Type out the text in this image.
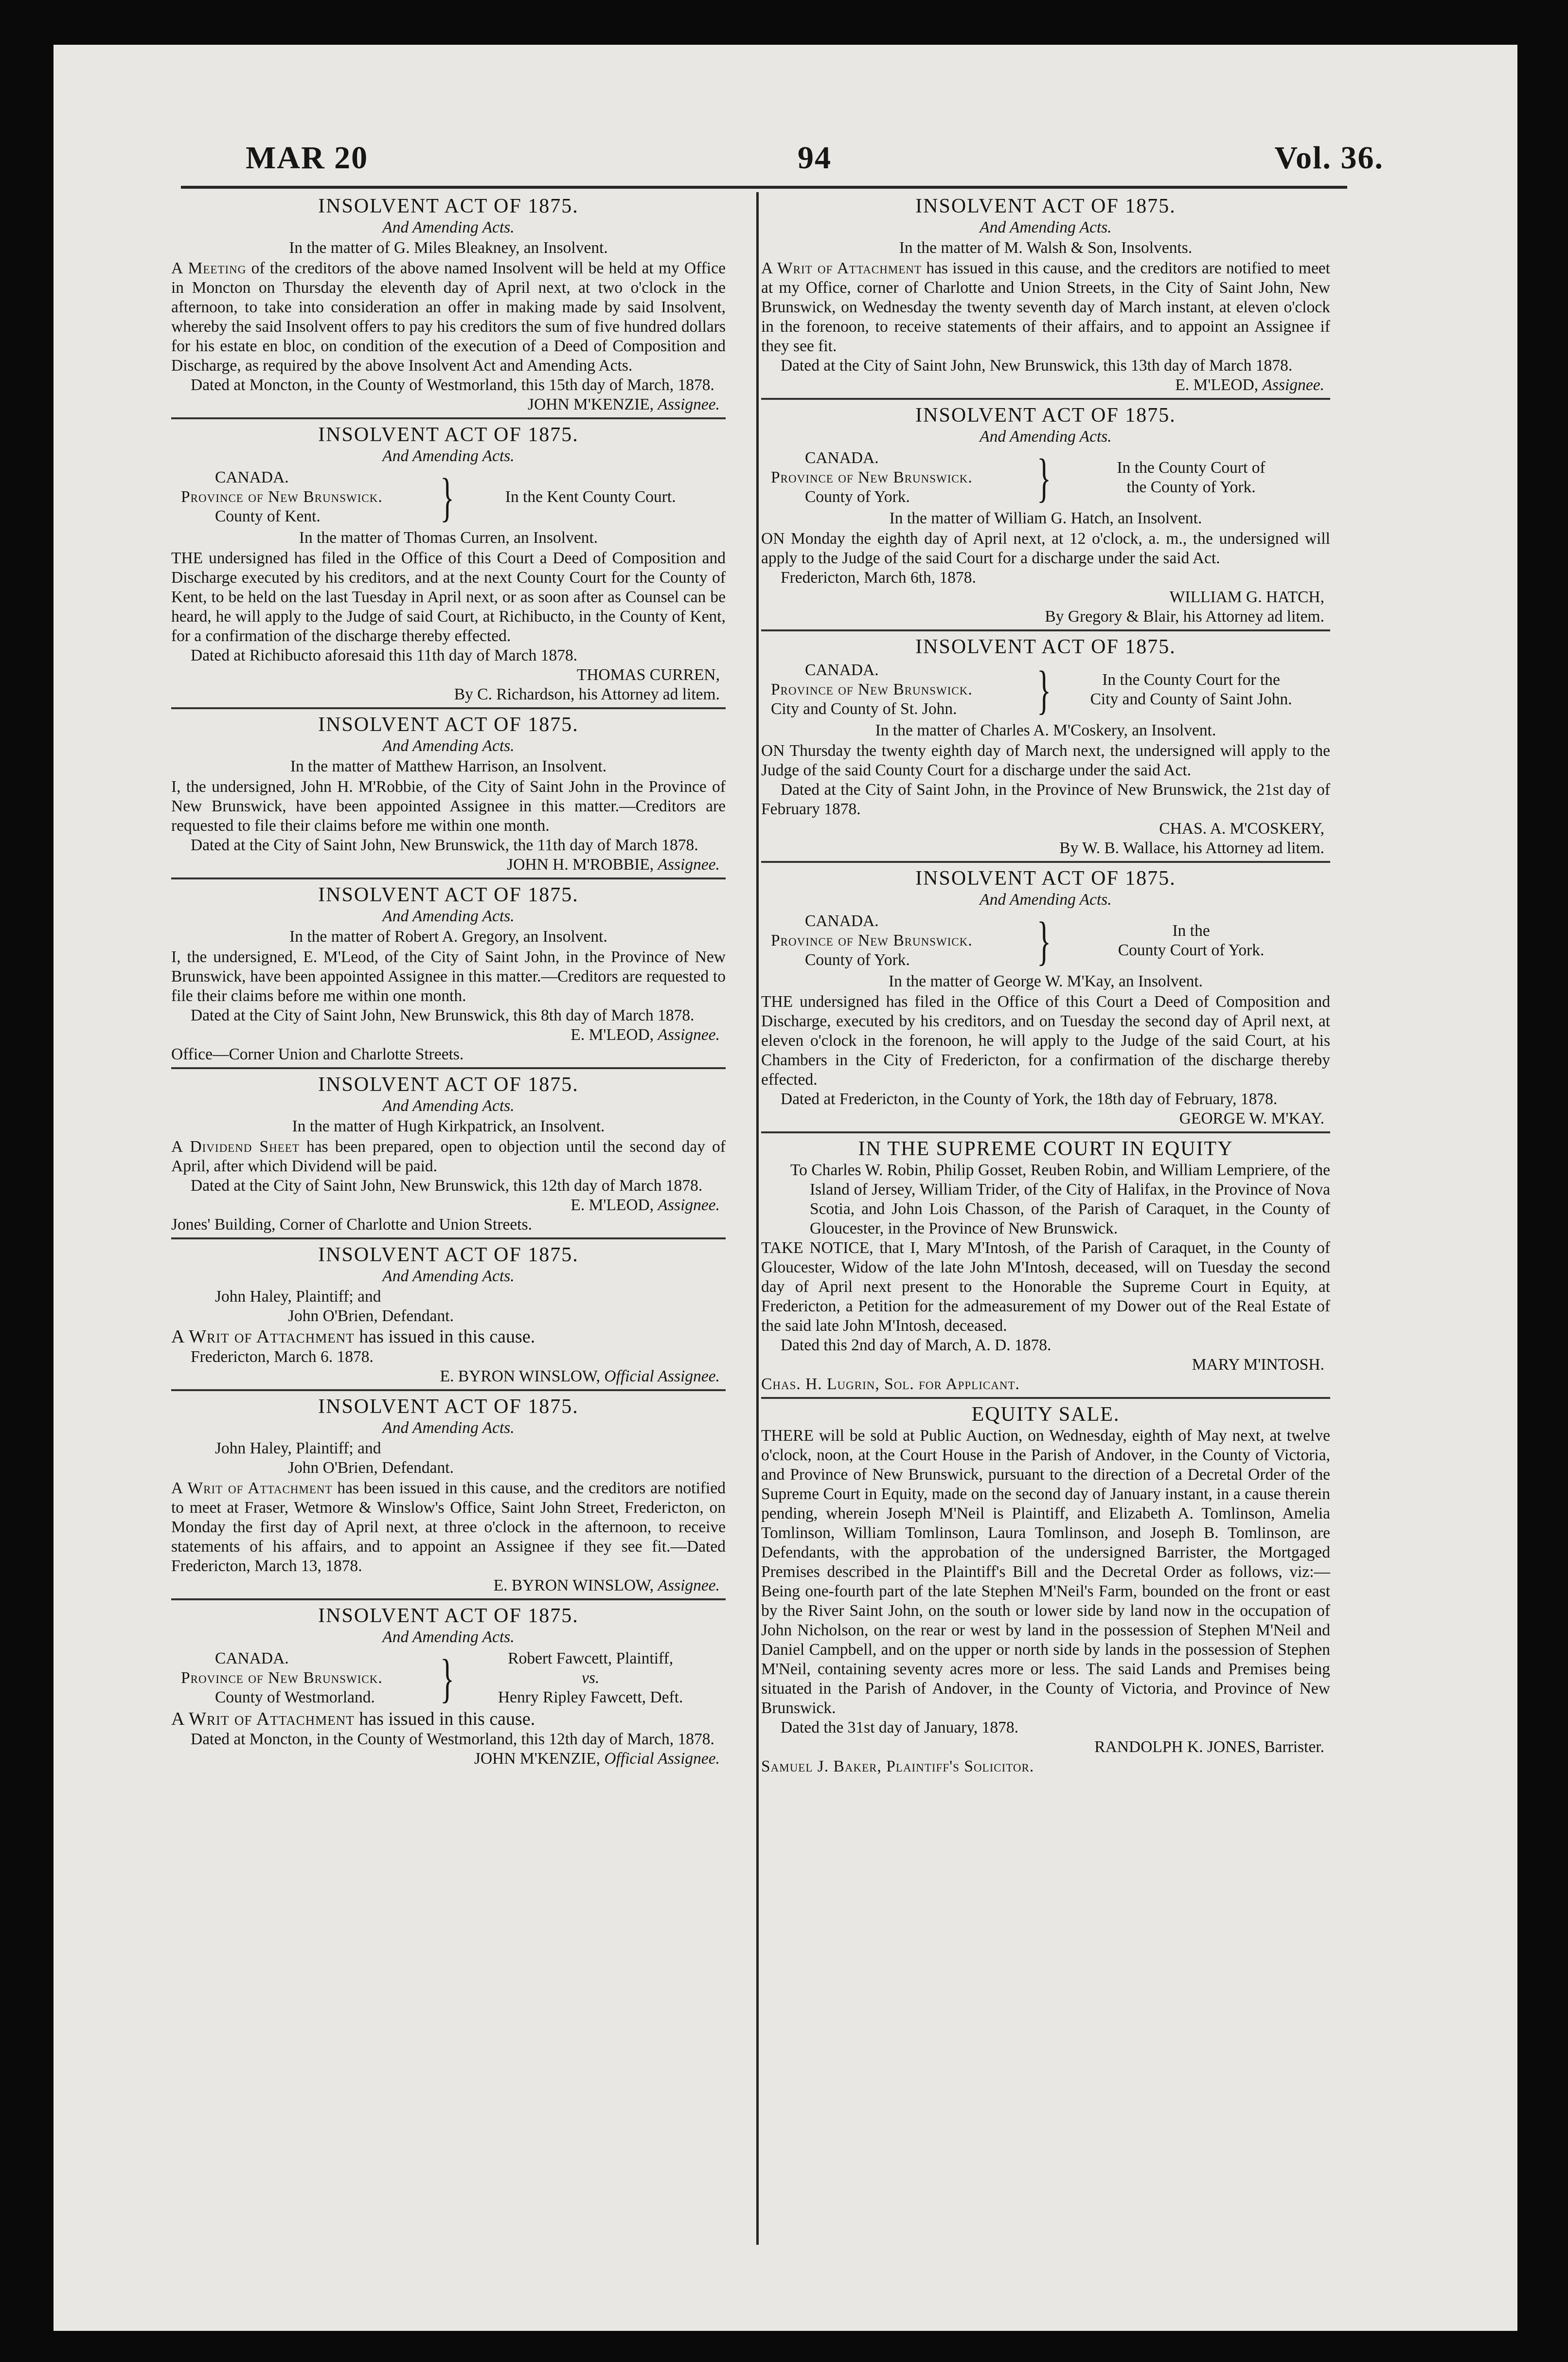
MAR 20	94	Vol. 36.

INSOLVENT ACT OF 1875.

And Amending Acts.

In the matter of G. Miles Bleakney, an Insolvent.

A Meeting of the creditors of the above named Insolvent will be held at my Office in Moncton on Thursday the eleventh day of April next, at two o'clock in the afternoon, to take into consideration an offer in making made by said Insolvent, whereby the said Insolvent offers to pay his creditors the sum of five hundred dollars for his estate en bloc, on condition of the execution of a Deed of Composition and Discharge, as required by the above Insolvent Act and Amending Acts.

Dated at Moncton, in the County of Westmorland, this 15th day of March, 1878.

JOHN M'KENZIE, Assignee.

INSOLVENT ACT OF 1875.

And Amending Acts.

CANADA.
Province of New Brunswick.
County of Kent.	}	In the Kent County Court.

In the matter of Thomas Curren, an Insolvent.

THE undersigned has filed in the Office of this Court a Deed of Composition and Discharge executed by his creditors, and at the next County Court for the County of Kent, to be held on the last Tuesday in April next, or as soon after as Counsel can be heard, he will apply to the Judge of said Court, at Richibucto, in the County of Kent, for a confirmation of the discharge thereby effected.

Dated at Richibucto aforesaid this 11th day of March 1878.

THOMAS CURREN,

By C. Richardson, his Attorney ad litem.

INSOLVENT ACT OF 1875.

And Amending Acts.

In the matter of Matthew Harrison, an Insolvent.

I, the undersigned, John H. M'Robbie, of the City of Saint John in the Province of New Brunswick, have been appointed Assignee in this matter.—Creditors are requested to file their claims before me within one month.

Dated at the City of Saint John, New Brunswick, the 11th day of March 1878.

JOHN H. M'ROBBIE, Assignee.

INSOLVENT ACT OF 1875.

And Amending Acts.

In the matter of Robert A. Gregory, an Insolvent.

I, the undersigned, E. M'Leod, of the City of Saint John, in the Province of New Brunswick, have been appointed Assignee in this matter.—Creditors are requested to file their claims before me within one month.

Dated at the City of Saint John, New Brunswick, this 8th day of March 1878.

E. M'LEOD, Assignee.

Office—Corner Union and Charlotte Streets.

INSOLVENT ACT OF 1875.

And Amending Acts.

In the matter of Hugh Kirkpatrick, an Insolvent.

A Dividend Sheet has been prepared, open to objection until the second day of April, after which Dividend will be paid.

Dated at the City of Saint John, New Brunswick, this 12th day of March 1878.

E. M'LEOD, Assignee.

Jones' Building, Corner of Charlotte and Union Streets.

INSOLVENT ACT OF 1875.

And Amending Acts.

John Haley, Plaintiff; and
John O'Brien, Defendant.

A Writ of Attachment has issued in this cause.

Fredericton, March 6. 1878.

E. BYRON WINSLOW, Official Assignee.

INSOLVENT ACT OF 1875.

And Amending Acts.

John Haley, Plaintiff; and
John O'Brien, Defendant.

A Writ of Attachment has been issued in this cause, and the creditors are notified to meet at Fraser, Wetmore & Winslow's Office, Saint John Street, Fredericton, on Monday the first day of April next, at three o'clock in the afternoon, to receive statements of his affairs, and to appoint an Assignee if they see fit.—Dated Fredericton, March 13, 1878.

E. BYRON WINSLOW, Assignee.

INSOLVENT ACT OF 1875.

And Amending Acts.

CANADA.
Province of New Brunswick.
County of Westmorland.	}	Robert Fawcett, Plaintiff,
vs.
Henry Ripley Fawcett, Deft.

A Writ of Attachment has issued in this cause.

Dated at Moncton, in the County of Westmorland, this 12th day of March, 1878.

JOHN M'KENZIE, Official Assignee.

INSOLVENT ACT OF 1875.

And Amending Acts.

In the matter of M. Walsh & Son, Insolvents.

A Writ of Attachment has issued in this cause, and the creditors are notified to meet at my Office, corner of Charlotte and Union Streets, in the City of Saint John, New Brunswick, on Wednesday the twenty seventh day of March instant, at eleven o'clock in the forenoon, to receive statements of their affairs, and to appoint an Assignee if they see fit.

Dated at the City of Saint John, New Brunswick, this 13th day of March 1878.

E. M'LEOD, Assignee.

INSOLVENT ACT OF 1875.

And Amending Acts.

CANADA.
Province of New Brunswick.
County of York.	}	In the County Court of
the County of York.

In the matter of William G. Hatch, an Insolvent.

ON Monday the eighth day of April next, at 12 o'clock, a. m., the undersigned will apply to the Judge of the said Court for a discharge under the said Act.

Fredericton, March 6th, 1878.

WILLIAM G. HATCH,

By Gregory & Blair, his Attorney ad litem.

INSOLVENT ACT OF 1875.

CANADA.
Province of New Brunswick.
City and County of St. John.	}	In the County Court for the
City and County of Saint John.

In the matter of Charles A. M'Coskery, an Insolvent.

ON Thursday the twenty eighth day of March next, the undersigned will apply to the Judge of the said County Court for a discharge under the said Act.

Dated at the City of Saint John, in the Province of New Brunswick, the 21st day of February 1878.

CHAS. A. M'COSKERY,

By W. B. Wallace, his Attorney ad litem.

INSOLVENT ACT OF 1875.

And Amending Acts.

CANADA.
Province of New Brunswick.
County of York.	}	In the
County Court of York.

In the matter of George W. M'Kay, an Insolvent.

THE undersigned has filed in the Office of this Court a Deed of Composition and Discharge, executed by his creditors, and on Tuesday the second day of April next, at eleven o'clock in the forenoon, he will apply to the Judge of the said Court, at his Chambers in the City of Fredericton, for a confirmation of the discharge thereby effected.

Dated at Fredericton, in the County of York, the 18th day of February, 1878.

GEORGE W. M'KAY.

IN THE SUPREME COURT IN EQUITY

To Charles W. Robin, Philip Gosset, Reuben Robin, and William Lempriere, of the Island of Jersey, William Trider, of the City of Halifax, in the Province of Nova Scotia, and John Lois Chasson, of the Parish of Caraquet, in the County of Gloucester, in the Province of New Brunswick.

TAKE NOTICE, that I, Mary M'Intosh, of the Parish of Caraquet, in the County of Gloucester, Widow of the late John M'Intosh, deceased, will on Tuesday the second day of April next present to the Honorable the Supreme Court in Equity, at Fredericton, a Petition for the admeasurement of my Dower out of the Real Estate of the said late John M'Intosh, deceased.

Dated this 2nd day of March, A. D. 1878.

MARY M'INTOSH.

Chas. H. Lugrin, Sol. for Applicant.

EQUITY SALE.

THERE will be sold at Public Auction, on Wednesday, eighth of May next, at twelve o'clock, noon, at the Court House in the Parish of Andover, in the County of Victoria, and Province of New Brunswick, pursuant to the direction of a Decretal Order of the Supreme Court in Equity, made on the second day of January instant, in a cause therein pending, wherein Joseph M'Neil is Plaintiff, and Elizabeth A. Tomlinson, Amelia Tomlinson, William Tomlinson, Laura Tomlinson, and Joseph B. Tomlinson, are Defendants, with the approbation of the undersigned Barrister, the Mortgaged Premises described in the Plaintiff's Bill and the Decretal Order as follows, viz:—Being one-fourth part of the late Stephen M'Neil's Farm, bounded on the front or east by the River Saint John, on the south or lower side by land now in the occupation of John Nicholson, on the rear or west by land in the possession of Stephen M'Neil and Daniel Campbell, and on the upper or north side by lands in the possession of Stephen M'Neil, containing seventy acres more or less. The said Lands and Premises being situated in the Parish of Andover, in the County of Victoria, and Province of New Brunswick.

Dated the 31st day of January, 1878.

RANDOLPH K. JONES, Barrister.

Samuel J. Baker, Plaintiff's Solicitor.
